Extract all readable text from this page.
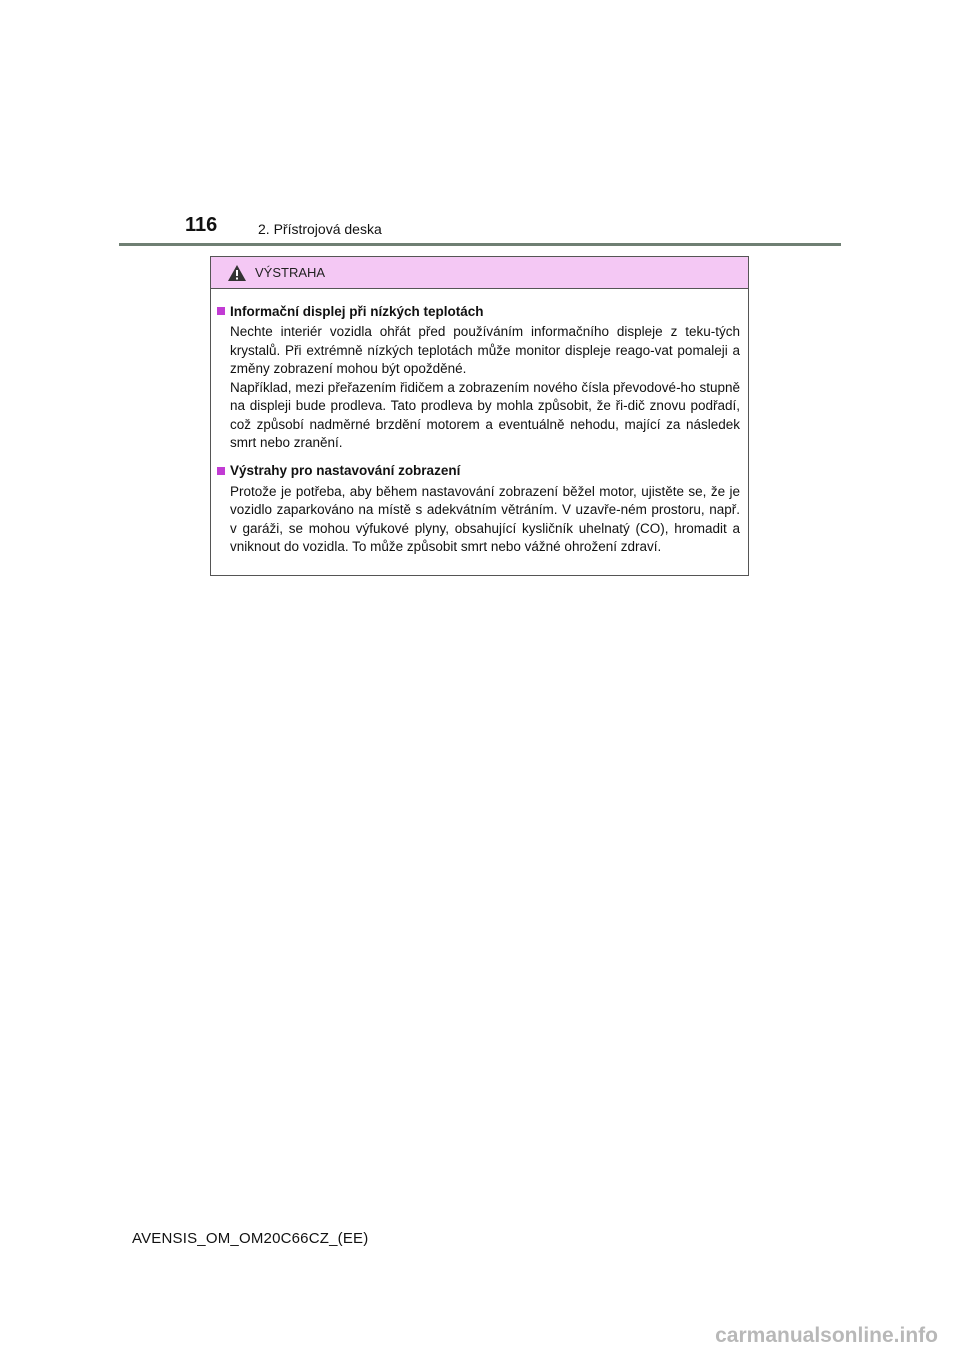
116	2. Přístrojová deska
VÝSTRAHA
Informační displej při nízkých teplotách
Nechte interiér vozidla ohřát před používáním informačního displeje z teku-tých krystalů. Při extrémně nízkých teplotách může monitor displeje reago-vat pomaleji a změny zobrazení mohou být opožděné.
Například, mezi přeřazením řidičem a zobrazením nového čísla převodové-ho stupně na displeji bude prodleva. Tato prodleva by mohla způsobit, že ři-dič znovu podřadí, což způsobí nadměrné brzdění motorem a eventuálně nehodu, mající za následek smrt nebo zranění.
Výstrahy pro nastavování zobrazení
Protože je potřeba, aby během nastavování zobrazení běžel motor, ujistěte se, že je vozidlo zaparkováno na místě s adekvátním větráním. V uzavře-ném prostoru, např. v garáži, se mohou výfukové plyny, obsahující kysličník uhelnatý (CO), hromadit a vniknout do vozidla. To může způsobit smrt nebo vážné ohrožení zdraví.
AVENSIS_OM_OM20C66CZ_(EE)
carmanualsonline.info
